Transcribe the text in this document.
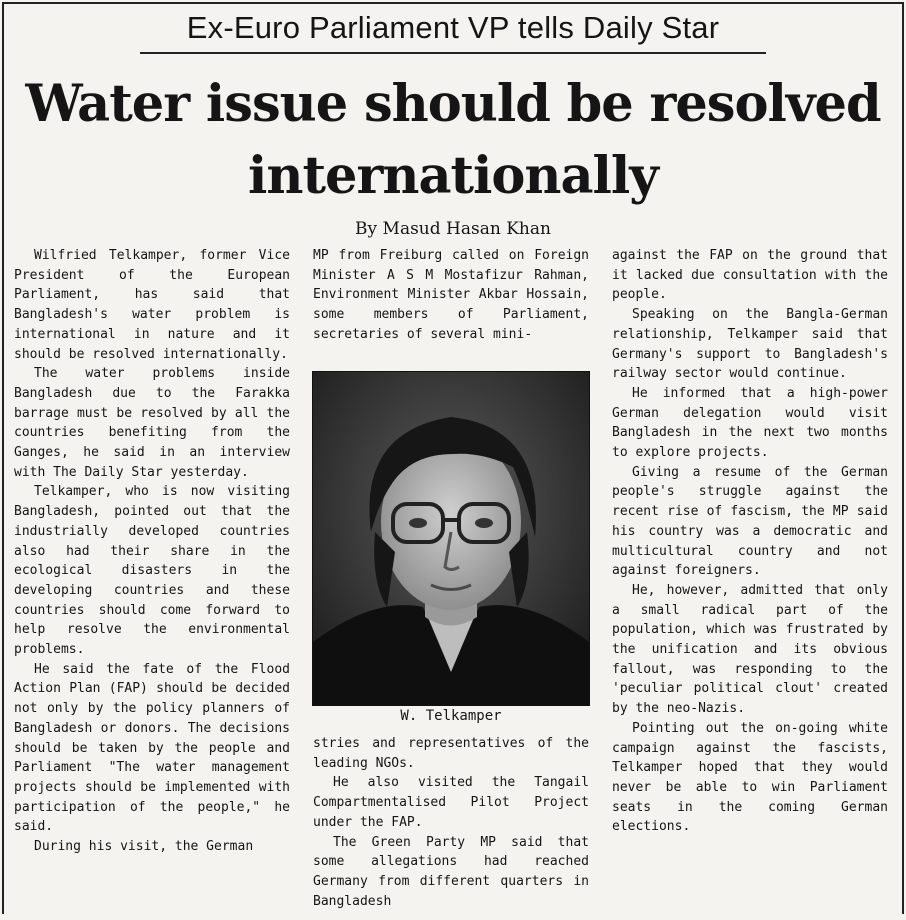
Ex-Euro Parliament VP tells Daily Star
Water issue should be resolved
internationally
By Masud Hasan Khan

Wilfried Telkamper, former Vice President of the European Parliament, has said that Bangladesh's water problem is international in nature and it should be resolved internationally.

The water problems inside Bangladesh due to the Farakka barrage must be resolved by all the countries benefiting from the Ganges, he said in an interview with The Daily Star yesterday.

Telkamper, who is now visiting Bangladesh, pointed out that the industrially developed countries also had their share in the ecological disasters in the developing countries and these countries should come forward to help resolve the environmental problems.

He said the fate of the Flood Action Plan (FAP) should be decided not only by the policy planners of Bangladesh or donors. The decisions should be taken by the people and Parliament "The water management projects should be implemented with participation of the people," he said.

During his visit, the German

MP from Freiburg called on Foreign Minister A S M Mostafizur Rahman, Environment Minister Akbar Hossain, some members of Parliament, secretaries of several mini-

W. Telkamper

stries and representatives of the leading NGOs.

He also visited the Tangail Compartmentalised Pilot Project under the FAP.

The Green Party MP said that some allegations had reached Germany from different quarters in Bangladesh

against the FAP on the ground that it lacked due consultation with the people.

Speaking on the Bangla-German relationship, Telkamper said that Germany's support to Bangladesh's railway sector would continue.

He informed that a high-power German delegation would visit Bangladesh in the next two months to explore projects.

Giving a resume of the German people's struggle against the recent rise of fascism, the MP said his country was a democratic and multicultural country and not against foreigners.

He, however, admitted that only a small radical part of the population, which was frustrated by the unification and its obvious fallout, was responding to the 'peculiar political clout' created by the neo-Nazis.

Pointing out the on-going white campaign against the fascists, Telkamper hoped that they would never be able to win Parliament seats in the coming German elections.
